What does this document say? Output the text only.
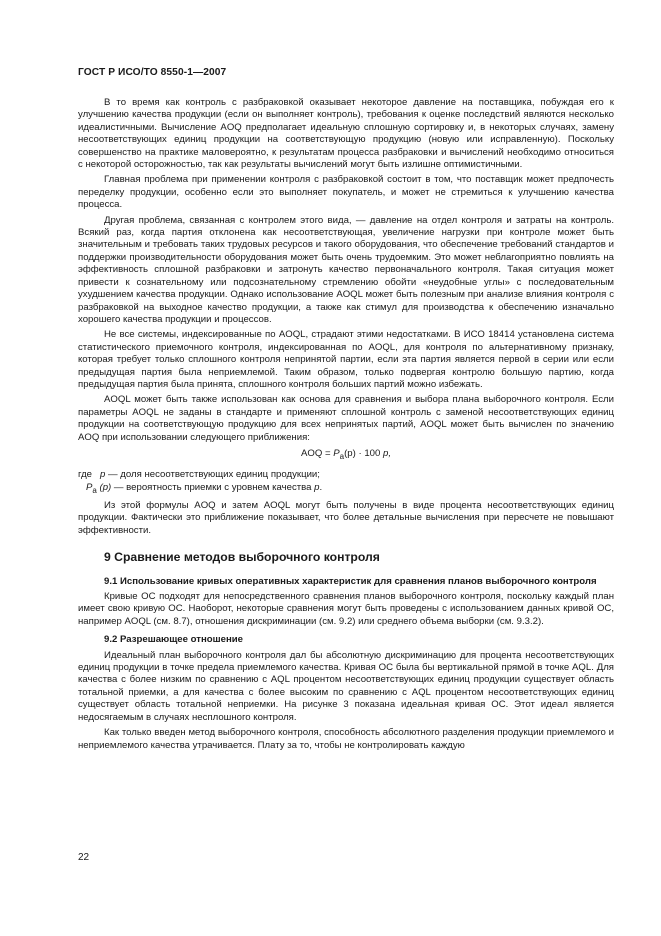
ГОСТ Р ИСО/ТО 8550-1—2007

В то время как контроль с разбраковкой оказывает некоторое давление на поставщика, побуждая его к улучшению качества продукции (если он выполняет контроль), требования к оценке последствий являются несколько идеалистичными. Вычисление AOQ предполагает идеальную сплошную сортировку и, в некоторых случаях, замену несоответствующих единиц продукции на соответствующую продукцию (новую или исправленную). Поскольку совершенство на практике маловероятно, к результатам процесса разбраковки и вычислений необходимо относиться с некоторой осторожностью, так как результаты вычислений могут быть излишне оптимистичными.

Главная проблема при применении контроля с разбраковкой состоит в том, что поставщик может предпочесть переделку продукции, особенно если это выполняет покупатель, и может не стремиться к улучшению качества процесса.

Другая проблема, связанная с контролем этого вида, — давление на отдел контроля и затраты на контроль. Всякий раз, когда партия отклонена как несоответствующая, увеличение нагрузки при контроле может быть значительным и требовать таких трудовых ресурсов и такого оборудования, что обеспечение требований стандартов и поддержки производительности оборудования может быть очень трудоемким. Это может неблагоприятно повлиять на эффективность сплошной разбраковки и затронуть качество первоначального контроля. Такая ситуация может привести к сознательному или подсознательному стремлению обойти «неудобные углы» с последовательным ухудшением качества продукции. Однако использование AOQL может быть полезным при анализе влияния контроля с разбраковкой на выходное качество продукции, а также как стимул для производства к обеспечению изначально хорошего качества продукции и процессов.

Не все системы, индексированные по AOQL, страдают этими недостатками. В ИСО 18414 установлена система статистического приемочного контроля, индексированная по AOQL, для контроля по альтернативному признаку, которая требует только сплошного контроля непринятой партии, если эта партия является первой в серии или если предыдущая партия была неприемлемой. Таким образом, только подвергая контролю большую партию, когда предыдущая партия была принята, сплошного контроля больших партий можно избежать.

AOQL может быть также использован как основа для сравнения и выбора плана выборочного контроля. Если параметры AOQL не заданы в стандарте и применяют сплошной контроль с заменой несоответствующих единиц продукции на соответствующую продукцию для всех непринятых партий, AOQL может быть вычислен по значению AOQ при использовании следующего приближения:

AOQ = $P_a(p) \cdot 100$ p,
где p — доля несоответствующих единиц продукции;
$P_a$ (p) — вероятность приемки с уровнем качества p.

Из этой формулы AOQ и затем AOQL могут быть получены в виде процента несоответствующих единиц продукции. Фактически это приближение показывает, что более детальные вычисления при пересчете не повышают эффективности.

9 Сравнение методов выборочного контроля
9.1 Использование кривых оперативных характеристик для сравнения планов выборочного контроля

Кривые ОС подходят для непосредственного сравнения планов выборочного контроля, поскольку каждый план имеет свою кривую ОС. Наоборот, некоторые сравнения могут быть проведены с использованием данных кривой ОС, например AOQL (см. 8.7), отношения дискриминации (см. 9.2) или среднего объема выборки (см. 9.3.2).

9.2 Разрешающее отношение

Идеальный план выборочного контроля дал бы абсолютную дискриминацию для процента несоответствующих единиц продукции в точке предела приемлемого качества. Кривая ОС была бы вертикальной прямой в точке AQL. Для качества с более низким по сравнению с AQL процентом несоответствующих единиц продукции существует область тотальной приемки, а для качества с более высоким по сравнению с AQL процентом несоответствующих единиц существует область тотальной неприемки. На рисунке 3 показана идеальная кривая ОС. Этот идеал является недосягаемым в случаях несплошного контроля.

Как только введен метод выборочного контроля, способность абсолютного разделения продукции приемлемого и неприемлемого качества утрачивается. Плату за то, чтобы не контролировать каждую

22
